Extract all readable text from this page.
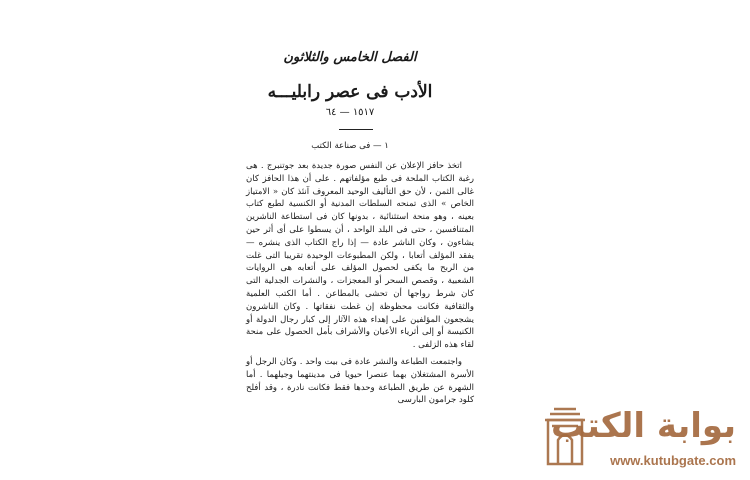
الفصل الخامس والثلاثون
الأدب فى عصر رابليـــه
١٥١٧ — ٦٤
١ — فى صناعة الكتب

اتخذ حافز الإعلان عن النفس صورة جديدة بعد جوتنبرج . هى رغبة الكتاب الملحة فى طبع مؤلفاتهم . على أن هذا الحافز كان غالى الثمن ، لأن حق التأليف الوحيد المعروف آنئذ كان « الامتياز الخاص » الذى تمنحه السلطات المدنية أو الكنسية لطبع كتاب بعينه ، وهو منحة استثنائية ، بدونها كان فى استطاعة الناشرين المتنافسين ، حتى فى البلد الواحد ، أن يسطوا على أى أثر حين يشاءون ، وكان الناشر عادة — إذا راج الكتاب الذى ينشره — يفقد المؤلف أتعابا ، ولكن المطبوعات الوحيدة تقريبا التى غلت من الربح ما يكفى لحصول المؤلف على أتعابه هى الروايات الشعبية ، وقصص السحر أو المعجزات ، والنشرات الجدلية التى كان شرط رواجها أن تحشى بالمطاعن . أما الكتب العلمية والثقافية فكانت محظوظة إن غطت نفقاتها . وكان الناشرون يشجعون المؤلفين على إهداء هذه الآثار إلى كبار رجال الدولة أو الكنيسة أو إلى أثرياء الأعيان والأشراف بأمل الحصول على منحة لقاء هذه الزلفى .

واجتمعت الطباعة والنشر عادة فى بيت واحد . وكان الرجل أو الأسرة المشتغلان بهما عنصرا حيويا فى مدينتهما وجيلهما . أما الشهرة عن طريق الطباعة وحدها فقط فكانت نادرة ، وقد أفلح كلود جرامون البارسى

بوابة الكتب
www.kutubgate.com
